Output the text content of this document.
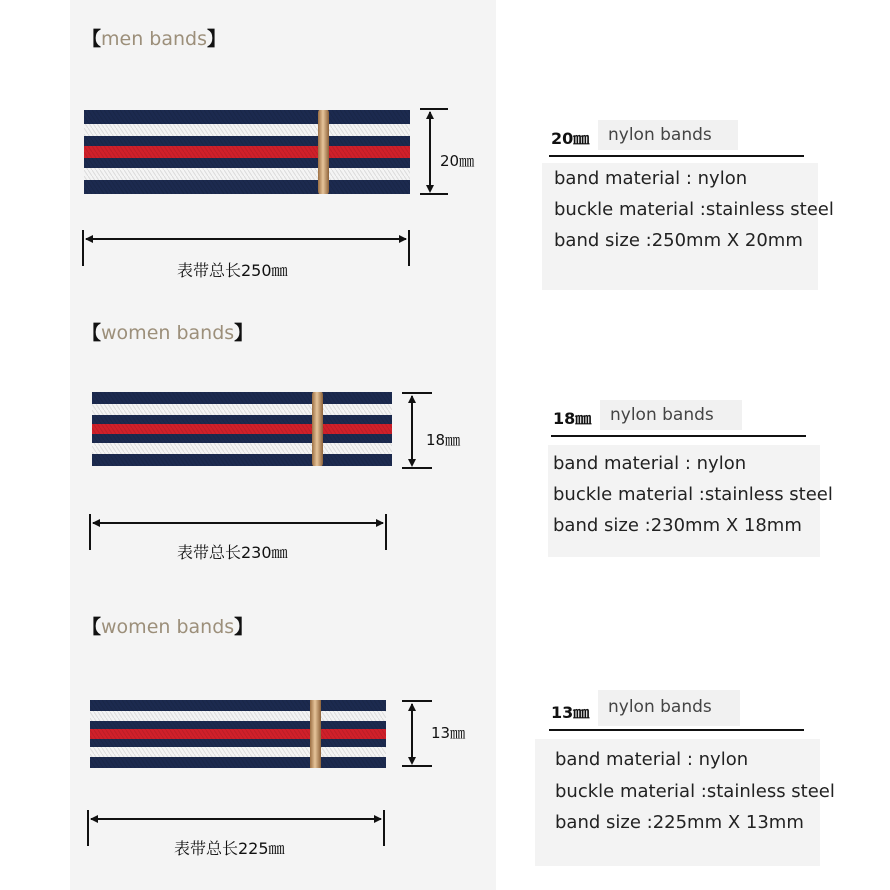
【men bands】
20㎜
表带总长250㎜
20㎜	nylon bands
band material : nylon
buckle material :stainless steel
band size :250mm X 20mm
【women bands】
18㎜
表带总长230㎜
18㎜	nylon bands
band material : nylon
buckle material :stainless steel
band size :230mm X 18mm
【women bands】
13㎜
表带总长225㎜
13㎜	nylon bands
band material : nylon
buckle material :stainless steel
band size :225mm X 13mm
